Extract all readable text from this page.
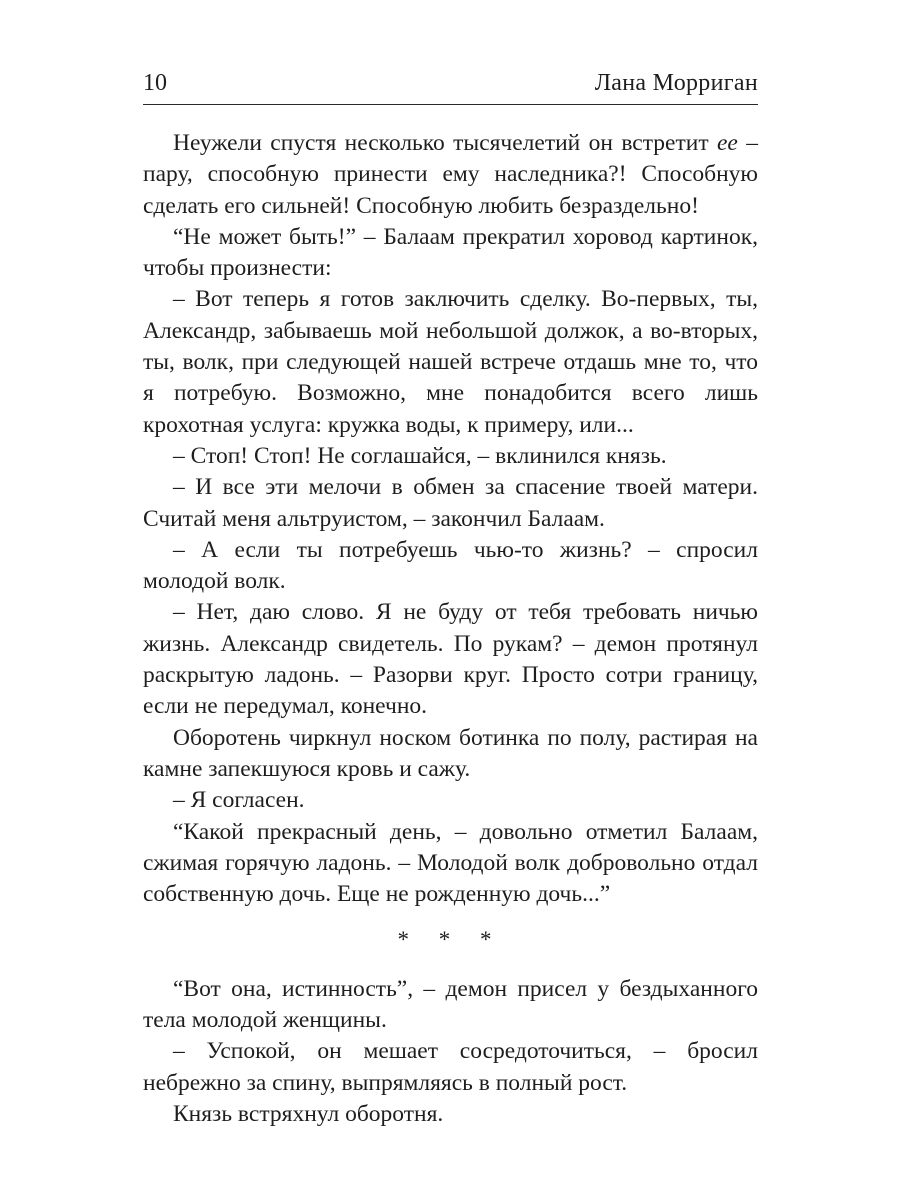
10	Лана Морриган

Неужели спустя несколько тысячелетий он встретит ее – пару, способную принести ему наследника?! Способную сделать его сильней! Способную любить безраздельно!

“Не может быть!” – Балаам прекратил хоровод картинок, чтобы произнести:

– Вот теперь я готов заключить сделку. Во-первых, ты, Александр, забываешь мой небольшой должок, а во-вторых, ты, волк, при следующей нашей встрече отдашь мне то, что я потребую. Возможно, мне понадобится всего лишь крохотная услуга: кружка воды, к примеру, или...

– Стоп! Стоп! Не соглашайся, – вклинился князь.

– И все эти мелочи в обмен за спасение твоей матери. Считай меня альтруистом, – закончил Балаам.

– А если ты потребуешь чью-то жизнь? – спросил молодой волк.

– Нет, даю слово. Я не буду от тебя требовать ничью жизнь. Александр свидетель. По рукам? – демон протянул раскрытую ладонь. – Разорви круг. Просто сотри границу, если не передумал, конечно.

Оборотень чиркнул носком ботинка по полу, растирая на камне запекшуюся кровь и сажу.

– Я согласен.

“Какой прекрасный день, – довольно отметил Балаам, сжимая горячую ладонь. – Молодой волк добровольно отдал собственную дочь. Еще не рожденную дочь...”

* * *

“Вот она, истинность”, – демон присел у бездыханного тела молодой женщины.

– Успокой, он мешает сосредоточиться, – бросил небрежно за спину, выпрямляясь в полный рост.

Князь встряхнул оборотня.
